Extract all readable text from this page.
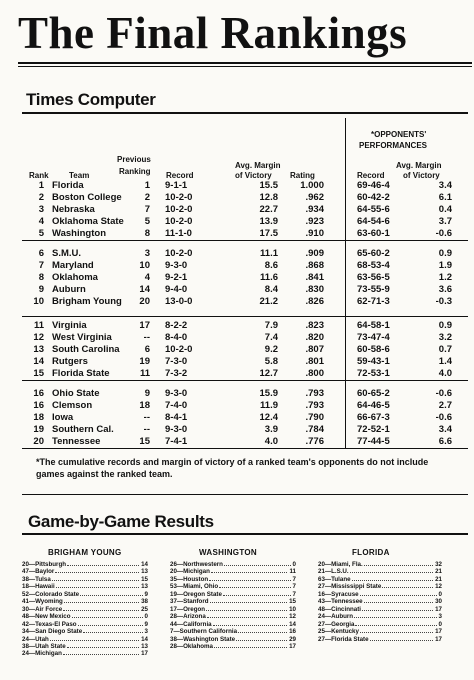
The Final Rankings
Times Computer
*OPPONENTS'
PERFORMANCES
Previous
Avg. Margin	Avg. Margin
Rank	Team	Ranking Record	of Victory Rating	Record of Victory
1 Florida	1 9-1-1	15.5 1.000	69-46-4	3.4
2 Boston College 2 10-2-0	12.8	.962	60-42-2	6.1
3 Nebraska	7 10-2-0	22.7	.934	64-55-6	0.4
4 Oklahoma State 5 10-2-0	13.9	.923	64-54-6	3.7
5 Washington	8 11-1-0	17.5	.910	63-60-1	-0.6
6 S.M.U.	3 10-2-0	11.1	.909	65-60-2	0.9
7 Maryland	10 9-3-0	8.6	.868	68-53-4	1.9
8 Oklahoma	4 9-2-1	11.6	.841	63-56-5	1.2
9 Auburn	14 9-4-0	8.4	.830	73-55-9	3.6
10 Brigham Young 20 13-0-0	21.2	.826	62-71-3	-0.3
11 Virginia	17 8-2-2	7.9	.823	64-58-1	0.9
12 West Virginia	-- 8-4-0	7.4	.820	73-47-4	3.2
13 South Carolina	6 10-2-0	9.2	.807	60-58-6	0.7
14 Rutgers	19 7-3-0	5.8	.801	59-43-1	1.4
15 Florida State	11 7-3-2	12.7	.800	72-53-1	4.0
16 Ohio State	9 9-3-0	15.9	.793	60-65-2	-0.6
16 Clemson	18 7-4-0	11.9	.793	64-46-5	2.7
18 Iowa	-- 8-4-1	12.4	.790	66-67-3	-0.6
19 Southern Cal.	-- 9-3-0	3.9	.784	72-52-1	3.4
20 Tennessee	15 7-4-1	4.0	.776	77-44-5	6.6
*The cumulative records and margin of victory of a ranked team's opponents do not include games against the ranked team.
Game-by-Game Results
BRIGHAM YOUNG
20—Pittsburgh	14
47—Baylor	13
38—Tulsa	15
18—Hawaii	13
52—Colorado State	9
41—Wyoming	38
30—Air Force	25
48—New Mexico	0
42—Texas-El Paso	9
34—San Diego State	3
24—Utah	14
38—Utah State	13
24—Michigan	17
WASHINGTON
26—Northwestern	0
20—Michigan	11
35—Houston	7
53—Miami, Ohio	7
19—Oregon State	7
37—Stanford	15
17—Oregon	10
28—Arizona	12
44—California	14
7—Southern California	16
38—Washington State	29
28—Oklahoma	17
FLORIDA
20—Miami, Fla.	32
21—L.S.U.	21
63—Tulane	21
27—Mississippi State	12
16—Syracuse	0
43—Tennessee	30
48—Cincinnati	17
24—Auburn	3
27—Georgia	0
25—Kentucky	17
27—Florida State	17
